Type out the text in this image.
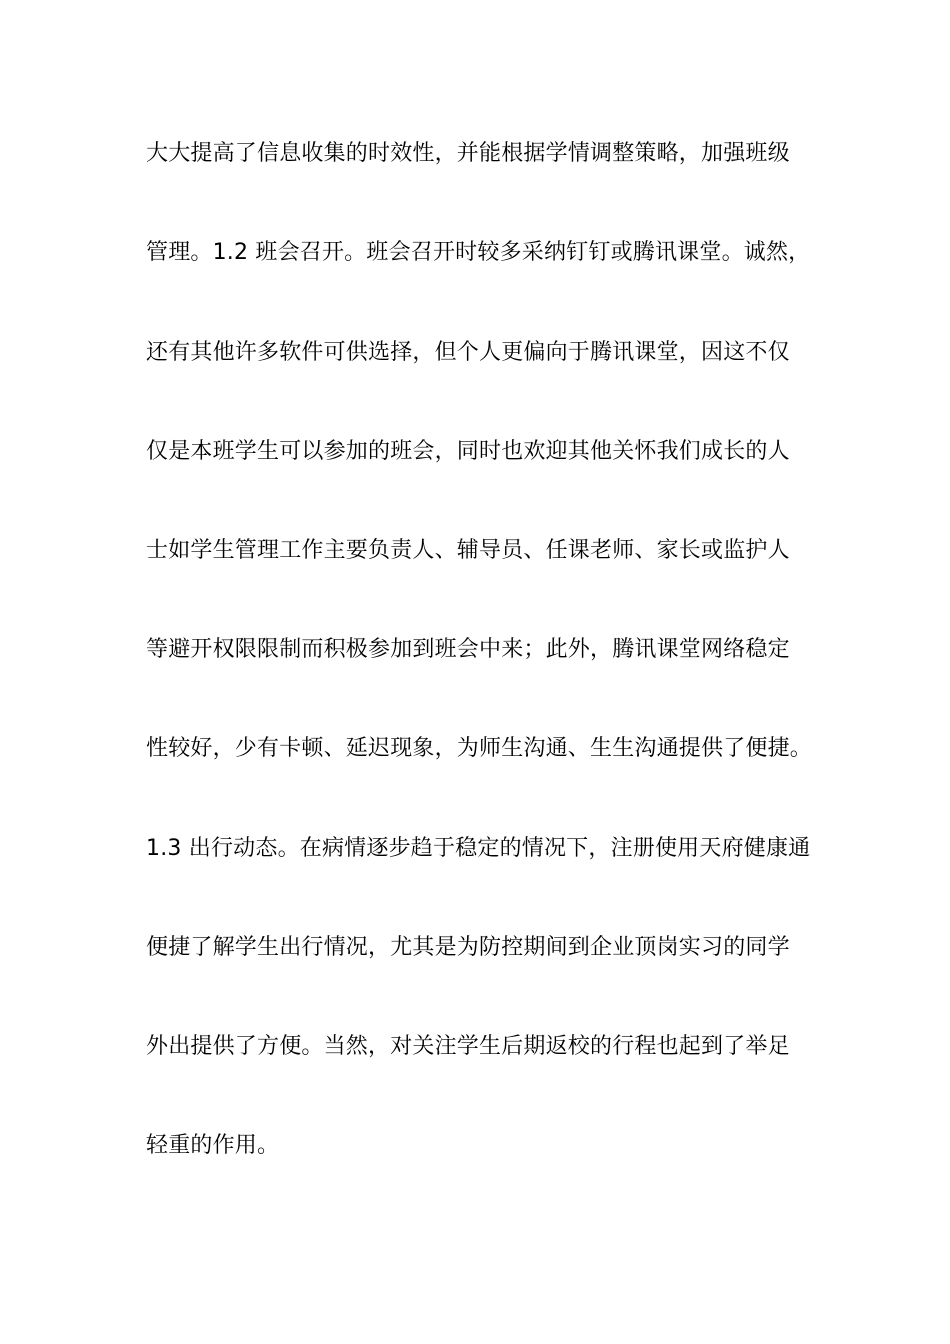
大大提高了信息收集的时效性，并能根据学情调整策略，加强班级
管理。1.2 班会召开。班会召开时较多采纳钉钉或腾讯课堂。诚然，
还有其他许多软件可供选择，但个人更偏向于腾讯课堂，因这不仅
仅是本班学生可以参加的班会，同时也欢迎其他关怀我们成长的人
士如学生管理工作主要负责人、辅导员、任课老师、家长或监护人
等避开权限限制而积极参加到班会中来；此外，腾讯课堂网络稳定
性较好，少有卡顿、延迟现象，为师生沟通、生生沟通提供了便捷。
1.3 出行动态。在病情逐步趋于稳定的情况下，注册使用天府健康通
便捷了解学生出行情况，尤其是为防控期间到企业顶岗实习的同学
外出提供了方便。当然，对关注学生后期返校的行程也起到了举足
轻重的作用。
